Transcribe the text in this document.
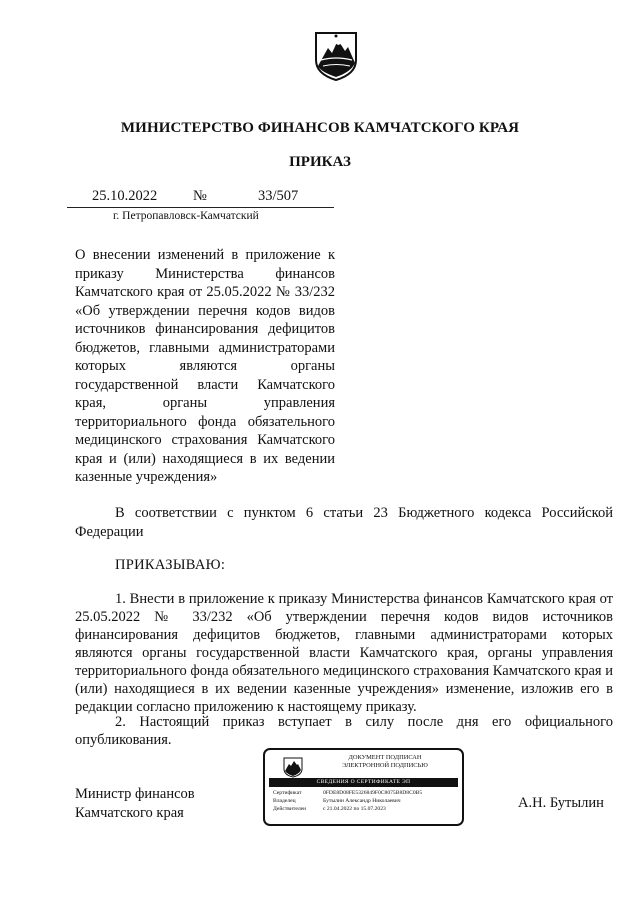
МИНИСТЕРСТВО ФИНАНСОВ КАМЧАТСКОГО КРАЯ
ПРИКАЗ
25.10.2022 №	33/507
г. Петропавловск-Камчатский
О внесении изменений в приложение к приказу Министерства финансов Камчатского края от 25.05.2022 № 33/232 «Об утверждении перечня кодов видов источников финансирования дефицитов бюджетов, главными администраторами которых являются органы государственной власти Камчатского края, органы управления территориального фонда обязательного медицинского страхования Камчатского края и (или) находящиеся в их ведении казенные учреждения»
В соответствии с пунктом 6 статьи 23 Бюджетного кодекса Российской Федерации
ПРИКАЗЫВАЮ:
1. Внести в приложение к приказу Министерства финансов Камчатского края от 25.05.2022 № 33/232 «Об утверждении перечня кодов видов источников финансирования дефицитов бюджетов, главными администраторами которых являются органы государственной власти Камчатского края, органы управления территориального фонда обязательного медицинского страхования Камчатского края и (или) находящиеся в их ведении казенные учреждения» изменение, изложив его в редакции согласно приложению к настоящему приказу.
2. Настоящий приказ вступает в силу после дня его официального опубликования.
Министр финансов
Камчатского края
А.Н. Бутылин
ДОКУМЕНТ ПОДПИСАН
ЭЛЕКТРОННОЙ ПОДПИСЬЮ
СВЕДЕНИЯ О СЕРТИФИКАТЕ ЭП
Сертификат	0FDE8D08FE5326849F0C8075B8D8C0B5
Владелец	Бутылин Александр Николаевич
Действителен	с 21.04.2022 по 15.07.2023
